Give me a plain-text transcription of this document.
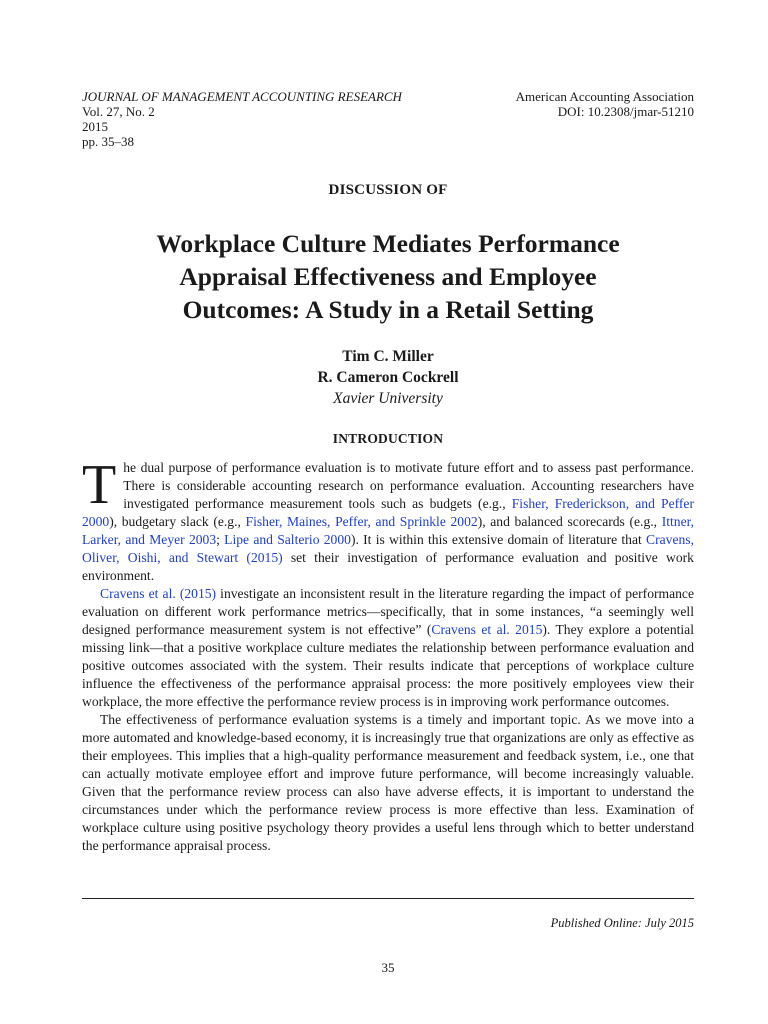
JOURNAL OF MANAGEMENT ACCOUNTING RESEARCH
Vol. 27, No. 2
2015
pp. 35–38
American Accounting Association
DOI: 10.2308/jmar-51210
DISCUSSION OF
Workplace Culture Mediates Performance
Appraisal Effectiveness and Employee
Outcomes: A Study in a Retail Setting
Tim C. Miller
R. Cameron Cockrell
Xavier University
INTRODUCTION

The dual purpose of performance evaluation is to motivate future effort and to assess past performance. There is considerable accounting research on performance evaluation. Accounting researchers have investigated performance measurement tools such as budgets (e.g., Fisher, Frederickson, and Peffer 2000), budgetary slack (e.g., Fisher, Maines, Peffer, and Sprinkle 2002), and balanced scorecards (e.g., Ittner, Larker, and Meyer 2003; Lipe and Salterio 2000). It is within this extensive domain of literature that Cravens, Oliver, Oishi, and Stewart (2015) set their investigation of performance evaluation and positive work environment.

Cravens et al. (2015) investigate an inconsistent result in the literature regarding the impact of performance evaluation on different work performance metrics—specifically, that in some instances, “a seemingly well designed performance measurement system is not effective” (Cravens et al. 2015). They explore a potential missing link—that a positive workplace culture mediates the relationship between performance evaluation and positive outcomes associated with the system. Their results indicate that perceptions of workplace culture influence the effectiveness of the performance appraisal process: the more positively employees view their workplace, the more effective the performance review process is in improving work performance outcomes.

The effectiveness of performance evaluation systems is a timely and important topic. As we move into a more automated and knowledge-based economy, it is increasingly true that organizations are only as effective as their employees. This implies that a high-quality performance measurement and feedback system, i.e., one that can actually motivate employee effort and improve future performance, will become increasingly valuable. Given that the performance review process can also have adverse effects, it is important to understand the circumstances under which the performance review process is more effective than less. Examination of workplace culture using positive psychology theory provides a useful lens through which to better understand the performance appraisal process.

Published Online: July 2015
35
